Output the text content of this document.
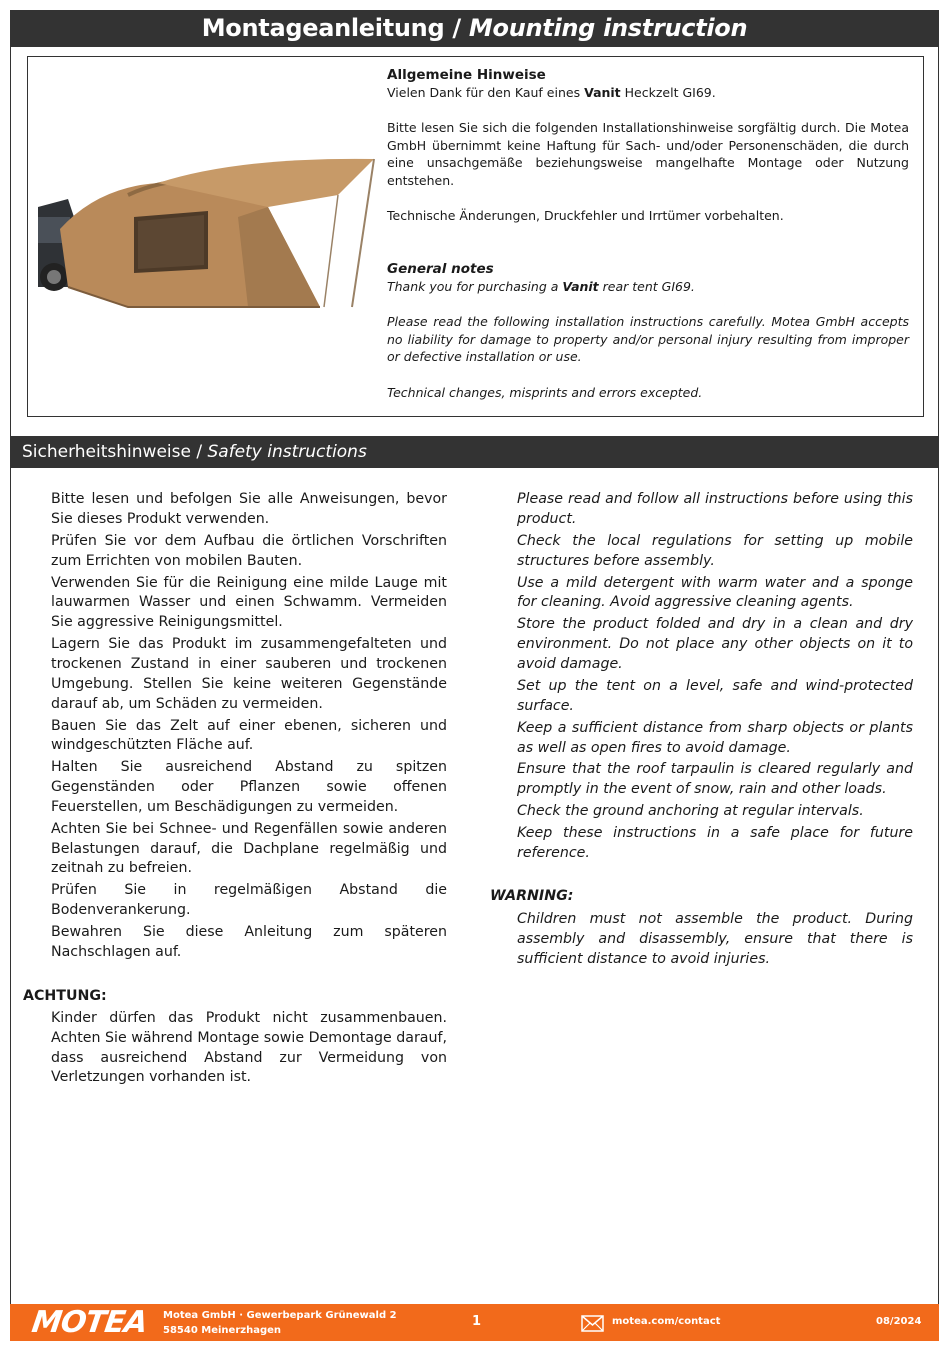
Montageanleitung / Mounting instruction

Allgemeine Hinweise

Vielen Dank für den Kauf eines Vanit Heckzelt GI69.

Bitte lesen Sie sich die folgenden Installationshinweise sorgfältig durch. Die Motea GmbH übernimmt keine Haftung für Sach- und/oder Personenschäden, die durch eine unsachgemäße beziehungsweise mangelhafte Montage oder Nutzung entstehen.

Technische Änderungen, Druckfehler und Irrtümer vorbehalten.

General notes

Thank you for purchasing a Vanit rear tent GI69.

Please read the following installation instructions carefully. Motea GmbH accepts no liability for damage to property and/or personal injury resulting from improper or defective installation or use.

Technical changes, misprints and errors excepted.

Sicherheitshinweise / Safety instructions
Bitte lesen und befolgen Sie alle Anweisungen, bevor Sie dieses Produkt verwenden.
Prüfen Sie vor dem Aufbau die örtlichen Vorschriften zum Errichten von mobilen Bauten.
Verwenden Sie für die Reinigung eine milde Lauge mit lauwarmen Wasser und einen Schwamm. Vermeiden Sie aggressive Reinigungsmittel.
Lagern Sie das Produkt im zusammengefalteten und trockenen Zustand in einer sauberen und trockenen Umgebung. Stellen Sie keine weiteren Gegenstände darauf ab, um Schäden zu vermeiden.
Bauen Sie das Zelt auf einer ebenen, sicheren und windgeschützten Fläche auf.
Halten Sie ausreichend Abstand zu spitzen Gegenständen oder Pflanzen sowie offenen Feuerstellen, um Beschädigungen zu vermeiden.
Achten Sie bei Schnee- und Regenfällen sowie anderen Belastungen darauf, die Dachplane regelmäßig und zeitnah zu befreien.
Prüfen Sie in regelmäßigen Abstand die Bodenverankerung.
Bewahren Sie diese Anleitung zum späteren Nachschlagen auf.
Please read and follow all instructions before using this product.
Check the local regulations for setting up mobile structures before assembly.
Use a mild detergent with warm water and a sponge for cleaning. Avoid aggressive cleaning agents.
Store the product folded and dry in a clean and dry environment. Do not place any other objects on it to avoid damage.
Set up the tent on a level, safe and wind-protected surface.
Keep a sufficient distance from sharp objects or plants as well as open fires to avoid damage.
Ensure that the roof tarpaulin is cleared regularly and promptly in the event of snow, rain and other loads.
Check the ground anchoring at regular intervals.
Keep these instructions in a safe place for future reference.
ACHTUNG:
Kinder dürfen das Produkt nicht zusammenbauen. Achten Sie während Montage sowie Demontage darauf, dass ausreichend Abstand zur Vermeidung von Verletzungen vorhanden ist.
WARNING:
Children must not assemble the product. During assembly and disassembly, ensure that there is sufficient distance to avoid injuries.
MOTEA Motea GmbH · Gewerbepark Grünewald 2
58540 Meinerzhagen
1	motea.com/contact	08/2024
